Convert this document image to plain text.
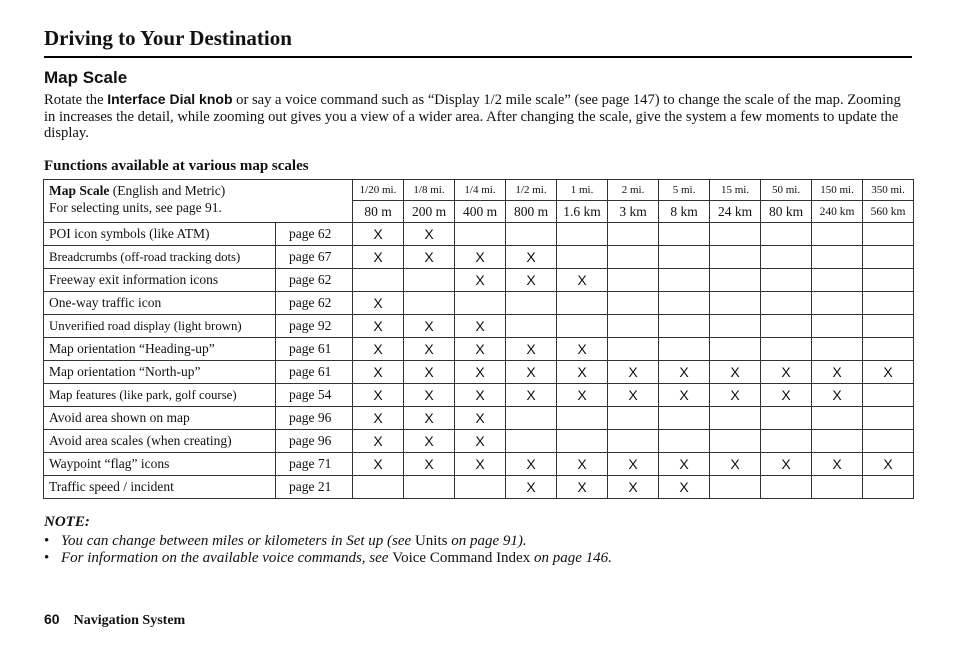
Driving to Your Destination
Map Scale
Rotate the Interface Dial knob or say a voice command such as “Display 1/2 mile scale” (see page 147) to change the scale of the map. Zooming in increases the detail, while zooming out gives you a view of a wider area. After changing the scale, give the system a few moments to update the display.
Functions available at various map scales
Map Scale (English and Metric)
For selecting units, see page 91.		1/20 mi.	1/8 mi.	1/4 mi.	1/2 mi.	1 mi.	2 mi.	5 mi.	15 mi.	50 mi.	150 mi.	350 mi.
		80 m	200 m	400 m	800 m	1.6 km	3 km	8 km	24 km	80 km	240 km	560 km
POI icon symbols (like ATM)	page 62	X	X									
Breadcrumbs (off-road tracking dots)	page 67	X	X	X	X							
Freeway exit information icons	page 62			X	X	X						
One-way traffic icon	page 62	X										
Unverified road display (light brown)	page 92	X	X	X								
Map orientation “Heading-up”	page 61	X	X	X	X	X						
Map orientation “North-up”	page 61	X	X	X	X	X	X	X	X	X	X	X
Map features (like park, golf course)	page 54	X	X	X	X	X	X	X	X	X	X	
Avoid area shown on map	page 96	X	X	X								
Avoid area scales (when creating)	page 96	X	X	X								
Waypoint “flag” icons	page 71	X	X	X	X	X	X	X	X	X	X	X
Traffic speed / incident	page 21				X	X	X	X				
NOTE:
• You can change between miles or kilometers in Set up (see Units on page 91).
• For information on the available voice commands, see Voice Command Index on page 146.
60 Navigation System
